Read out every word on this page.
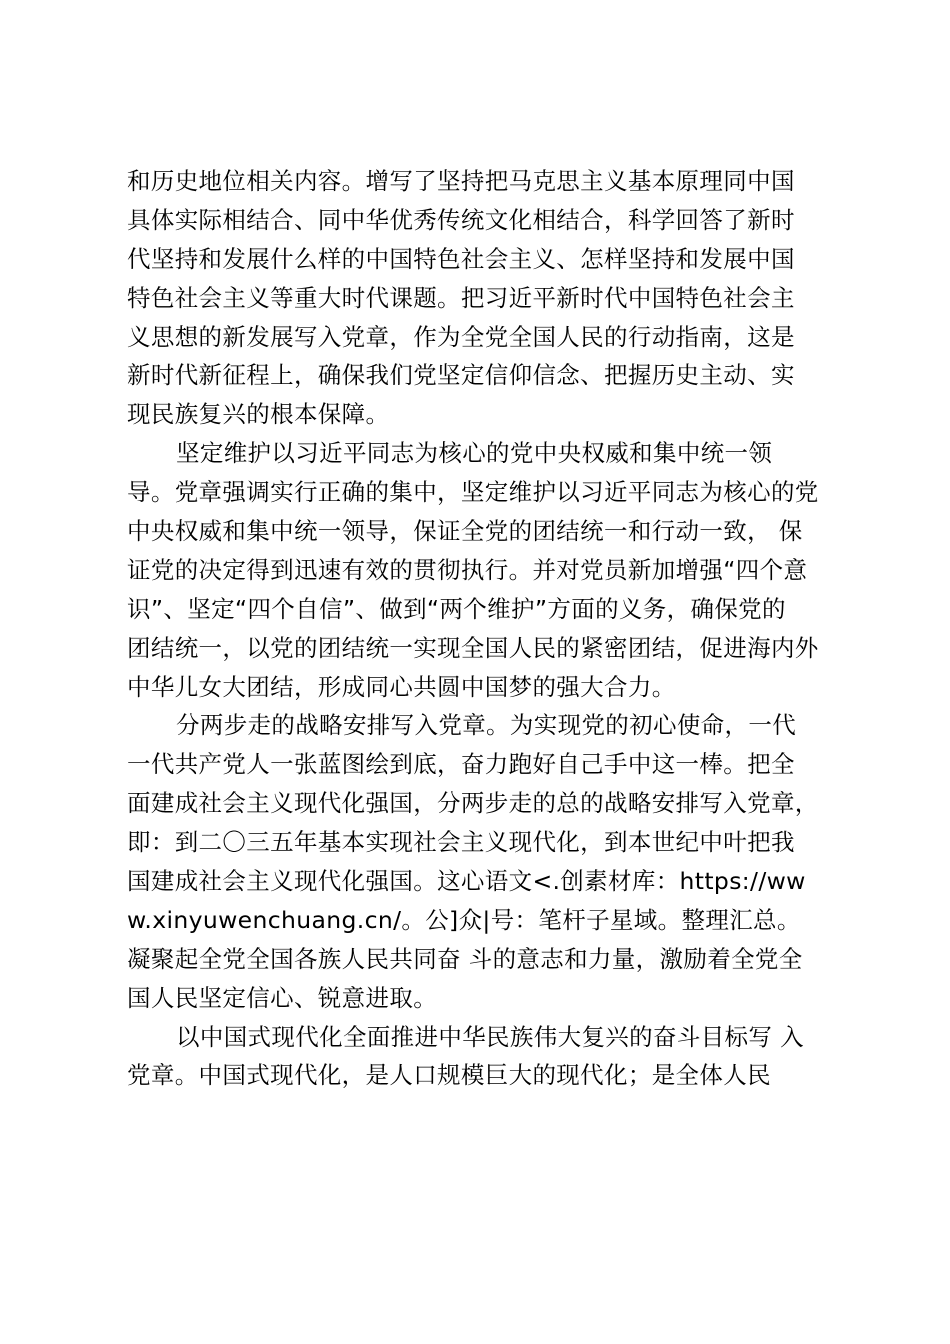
和历史地位相关内容。增写了坚持把马克思主义基本原理同中国
具体实际相结合、同中华优秀传统文化相结合，科学回答了新时
代坚持和发展什么样的中国特色社会主义、怎样坚持和发展中国
特色社会主义等重大时代课题。把习近平新时代中国特色社会主
义思想的新发展写入党章，作为全党全国人民的行动指南，这是
新时代新征程上，确保我们党坚定信仰信念、把握历史主动、实
现民族复兴的根本保障。
坚定维护以习近平同志为核心的党中央权威和集中统一领
导。党章强调实行正确的集中，坚定维护以习近平同志为核心的党
中央权威和集中统一领导，保证全党的团结统一和行动一致， 保
证党的决定得到迅速有效的贯彻执行。并对党员新加增强“四个意
识”、坚定“四个自信”、做到“两个维护”方面的义务，确保党的
团结统一，以党的团结统一实现全国人民的紧密团结，促进海内外
中华儿女大团结，形成同心共圆中国梦的强大合力。
分两步走的战略安排写入党章。为实现党的初心使命，一代
一代共产党人一张蓝图绘到底，奋力跑好自己手中这一棒。把全
面建成社会主义现代化强国，分两步走的总的战略安排写入党章，
即：到二〇三五年基本实现社会主义现代化，到本世纪中叶把我
国建成社会主义现代化强国。这心语文<.创素材库：https://ww
w.xinyuwenchuang.cn/。公]众|号：笔杆子星域。整理汇总。
凝聚起全党全国各族人民共同奋 斗的意志和力量，激励着全党全
国人民坚定信心、锐意进取。
以中国式现代化全面推进中华民族伟大复兴的奋斗目标写 入
党章。中国式现代化，是人口规模巨大的现代化；是全体人民
